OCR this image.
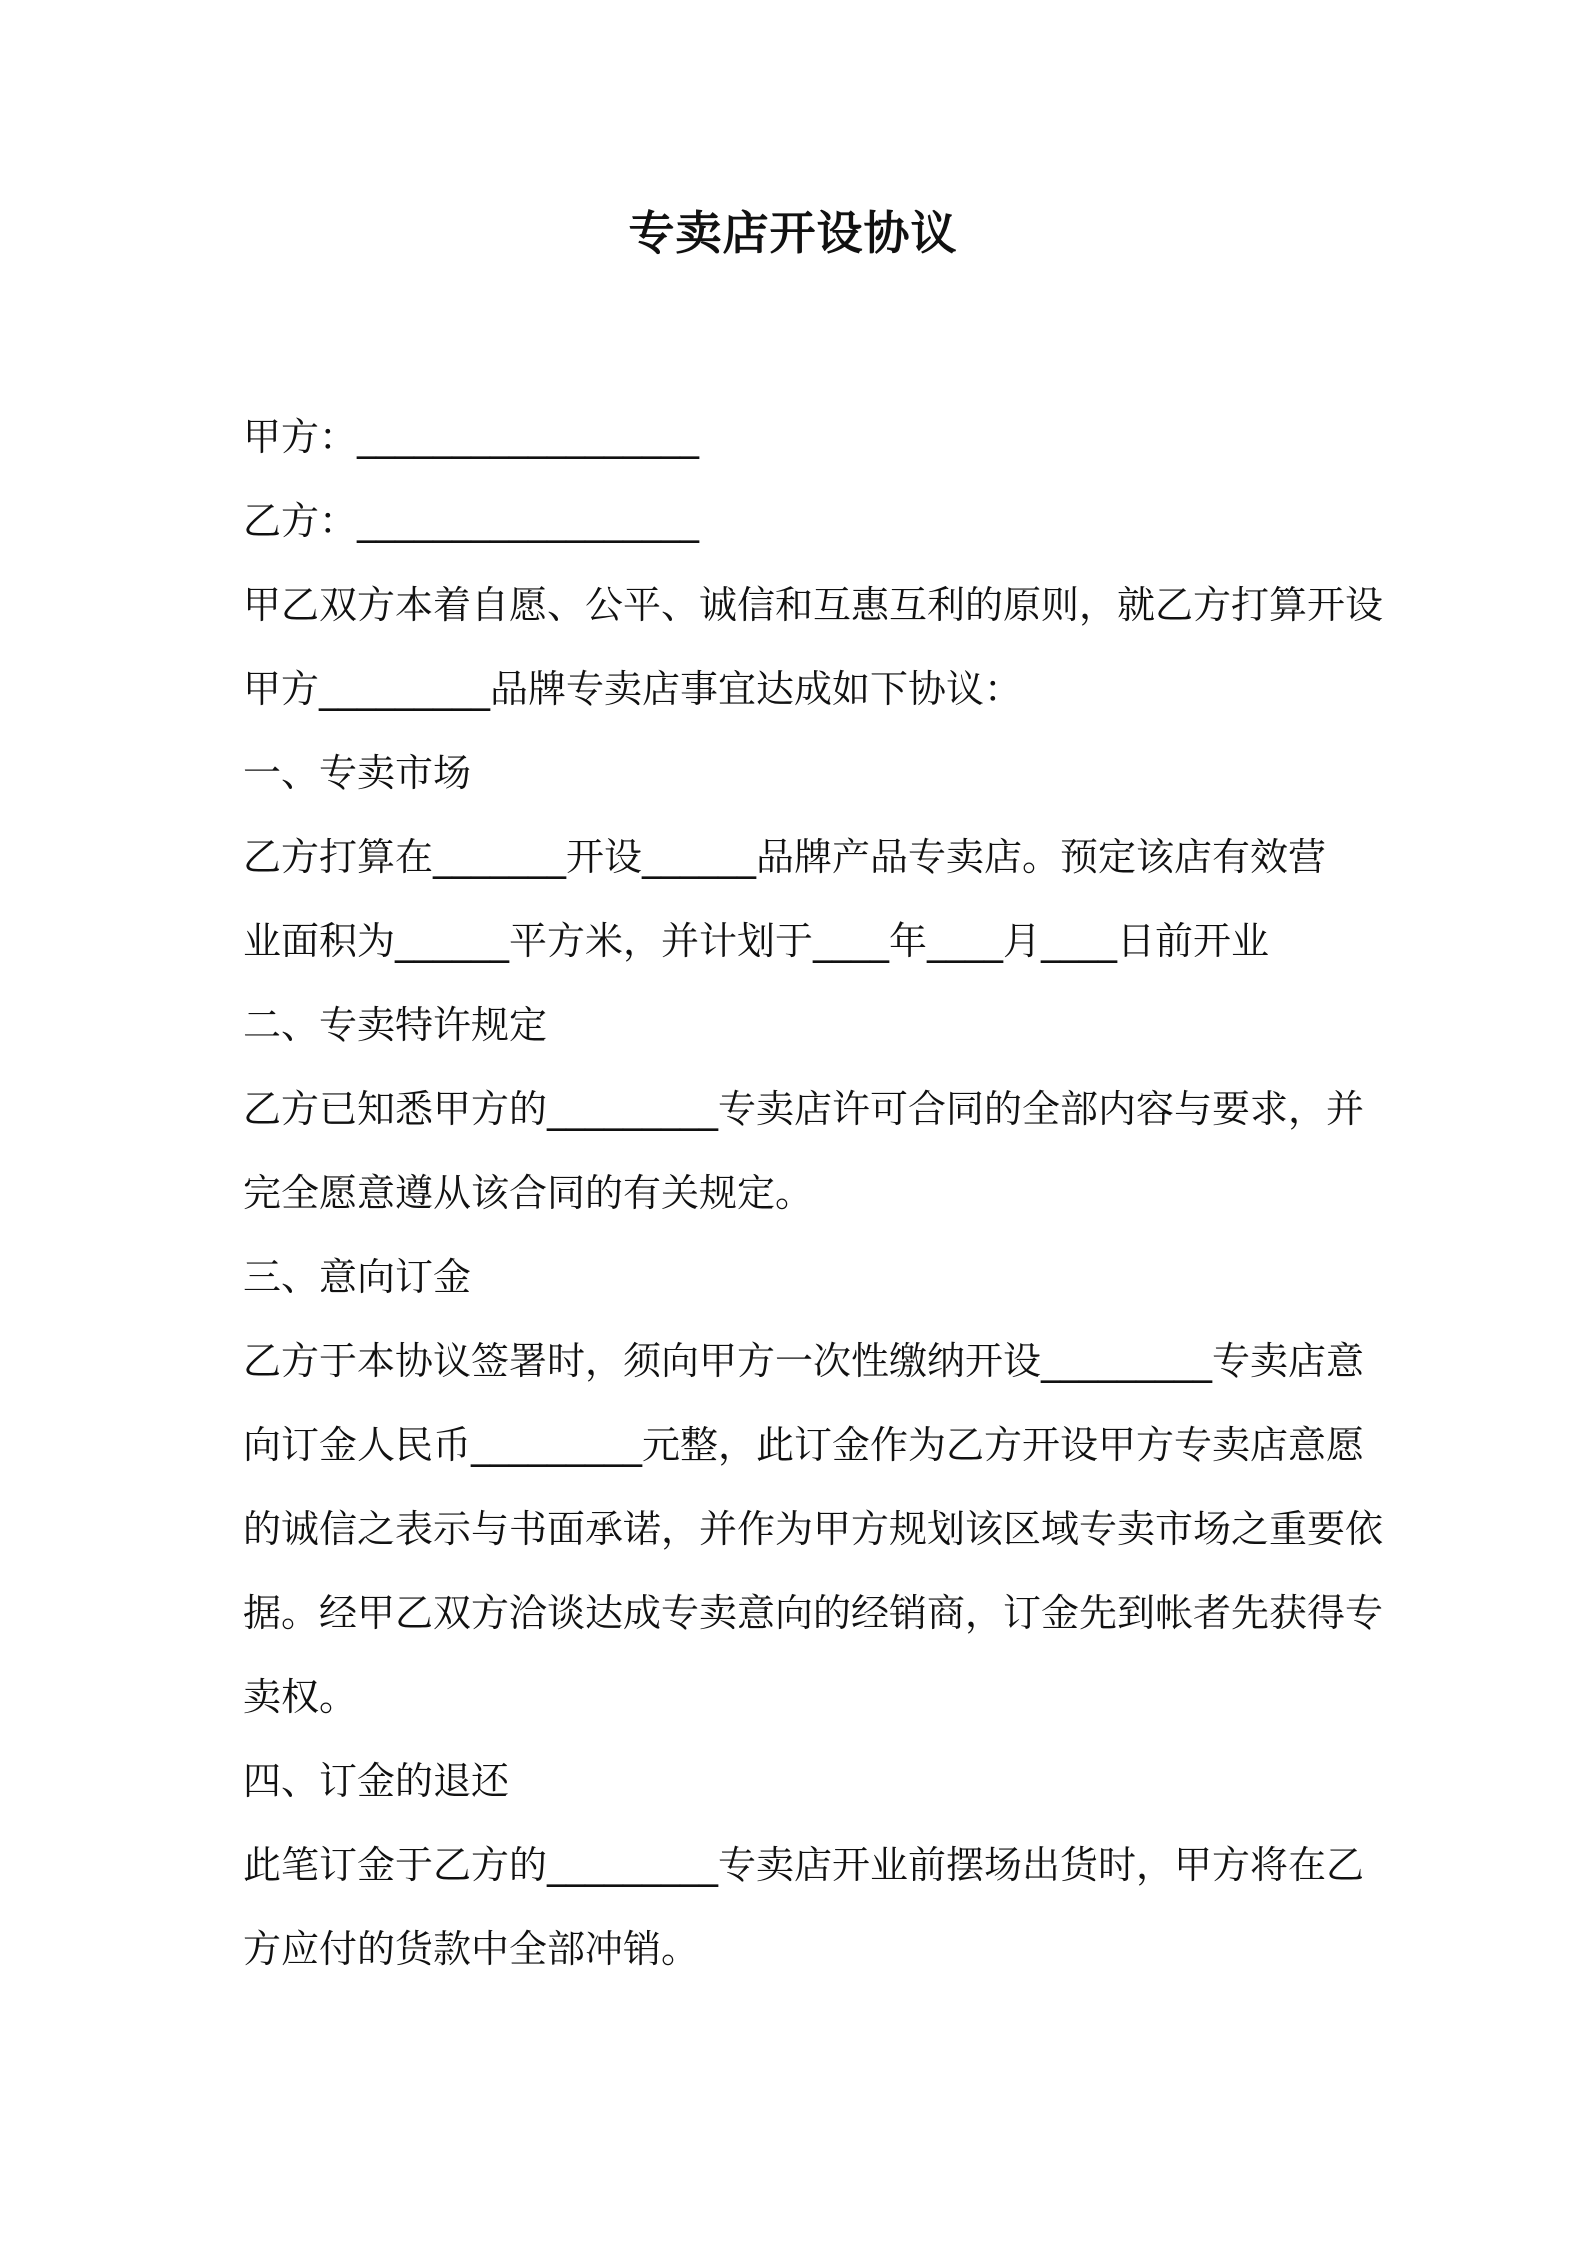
专卖店开设协议
甲方：__________________
乙方：__________________
甲乙双方本着自愿、公平、诚信和互惠互利的原则，就乙方打算开设
甲方_________品牌专卖店事宜达成如下协议：
一、专卖市场
乙方打算在_______开设______品牌产品专卖店。预定该店有效营
业面积为______平方米，并计划于____年____月____日前开业
二、专卖特许规定
乙方已知悉甲方的_________专卖店许可合同的全部内容与要求，并
完全愿意遵从该合同的有关规定。
三、意向订金
乙方于本协议签署时，须向甲方一次性缴纳开设_________专卖店意
向订金人民币_________元整，此订金作为乙方开设甲方专卖店意愿
的诚信之表示与书面承诺，并作为甲方规划该区域专卖市场之重要依
据。经甲乙双方洽谈达成专卖意向的经销商，订金先到帐者先获得专
卖权。
四、订金的退还
此笔订金于乙方的_________专卖店开业前摆场出货时，甲方将在乙
方应付的货款中全部冲销。
